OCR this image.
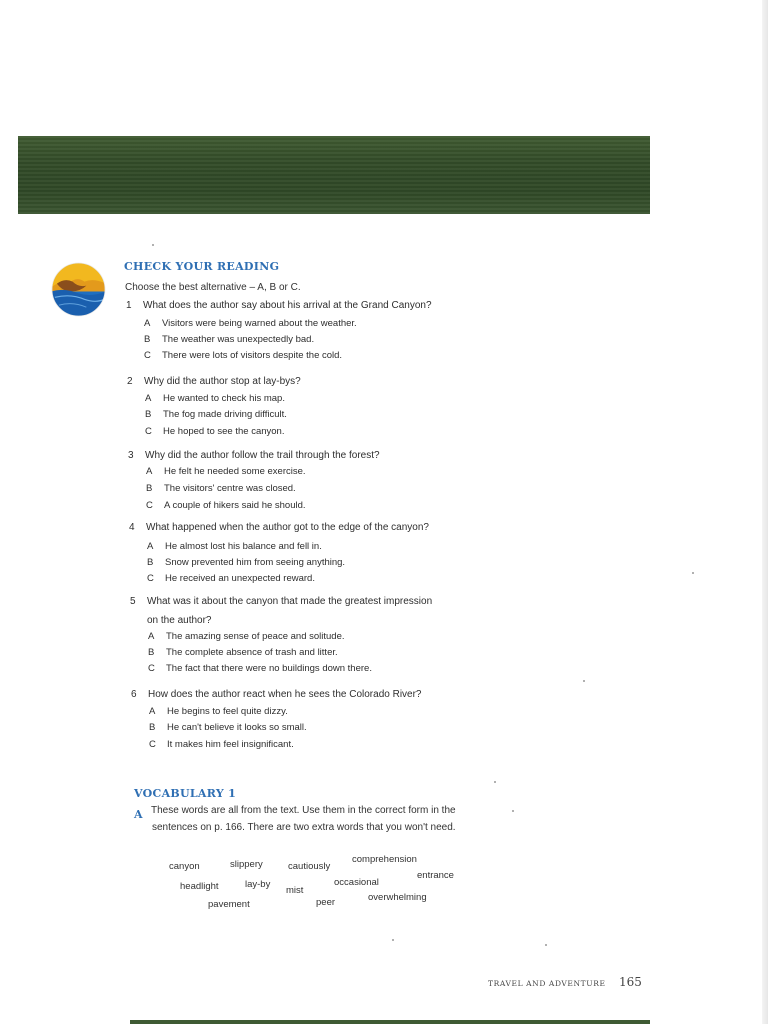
CHECK YOUR READING
Choose the best alternative – A, B or C.
1 What does the author say about his arrival at the Grand Canyon?
A Visitors were being warned about the weather.
B The weather was unexpectedly bad.
C There were lots of visitors despite the cold.
2 Why did the author stop at lay-bys?
A He wanted to check his map.
B The fog made driving difficult.
C He hoped to see the canyon.
3 Why did the author follow the trail through the forest?
A He felt he needed some exercise.
B The visitors' centre was closed.
C A couple of hikers said he should.
4 What happened when the author got to the edge of the canyon?
A He almost lost his balance and fell in.
B Snow prevented him from seeing anything.
C He received an unexpected reward.
5 What was it about the canyon that made the greatest impression
on the author?
A The amazing sense of peace and solitude.
B The complete absence of trash and litter.
C The fact that there were no buildings down there.
6 How does the author react when he sees the Colorado River?
A He begins to feel quite dizzy.
B He can't believe it looks so small.
C It makes him feel insignificant.
VOCABULARY 1
A These words are all from the text. Use them in the correct form in the
sentences on p. 166. There are two extra words that you won't need.
canyon	slippery	cautiously
comprehension
headlight	lay-by
mist
occasional
entrance
pavement	peer	overwhelming
TRAVEL AND ADVENTURE 165
